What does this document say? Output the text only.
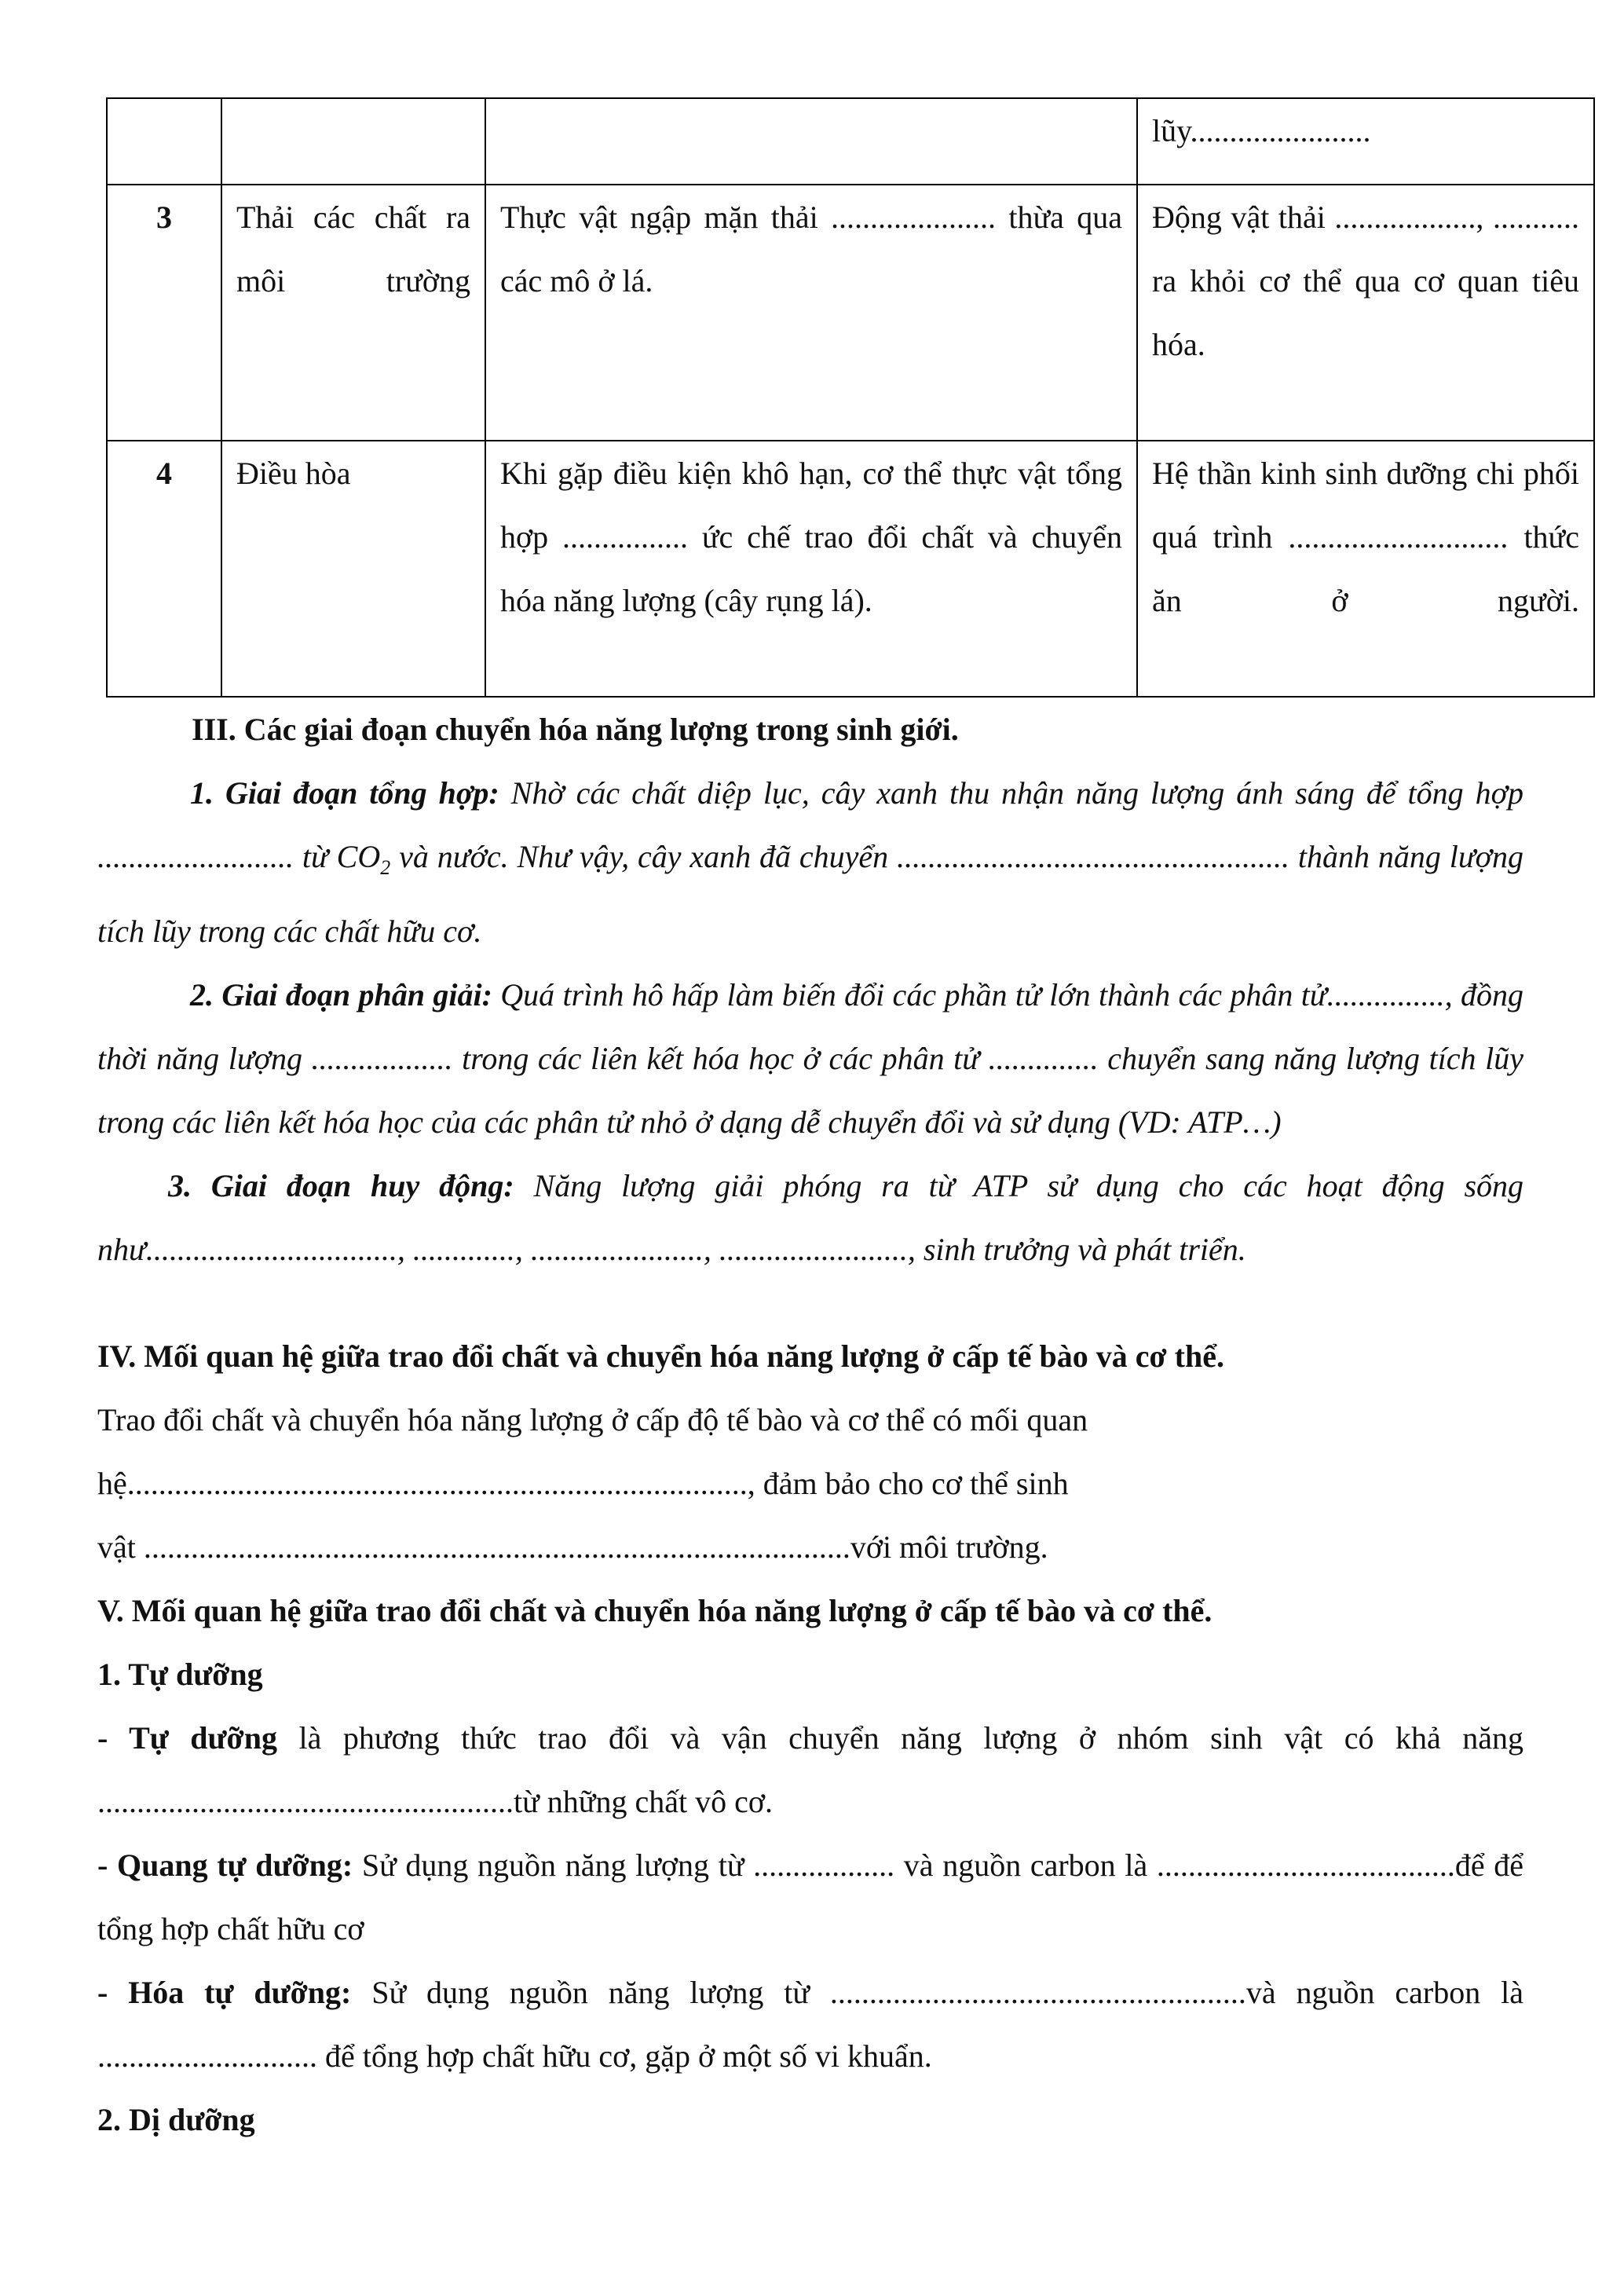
			lũy.......................
3	Thải các chất ra môi trường	Thực vật ngập mặn thải ..................... thừa qua các mô ở lá.	Động vật thải .................., ........... ra khỏi cơ thể qua cơ quan tiêu hóa.

4	Điều hòa	Khi gặp điều kiện khô hạn, cơ thể thực vật tổng hợp ................ ức chế trao đổi chất và chuyển hóa năng lượng (cây rụng lá).	Hệ thần kinh sinh dưỡng chi phối quá trình ............................ thức ăn ở người.

III. Các giai đoạn chuyển hóa năng lượng trong sinh giới.

1. Giai đoạn tổng hợp: Nhờ các chất diệp lục, cây xanh thu nhận năng lượng ánh sáng để tổng hợp ......................... từ $CO_2$ và nước. Như vậy, cây xanh đã chuyển .................................................. thành năng lượng tích lũy trong các chất hữu cơ.

2. Giai đoạn phân giải: Quá trình hô hấp làm biến đổi các phần tử lớn thành các phân tử..............., đồng thời năng lượng .................. trong các liên kết hóa học ở các phân tử .............. chuyển sang năng lượng tích lũy trong các liên kết hóa học của các phân tử nhỏ ở dạng dễ chuyển đổi và sử dụng (VD: ATP…)

3. Giai đoạn huy động: Năng lượng giải phóng ra từ ATP sử dụng cho các hoạt động sống như................................, ............., ......................, ........................, sinh trưởng và phát triển.

IV. Mối quan hệ giữa trao đổi chất và chuyển hóa năng lượng ở cấp tế bào và cơ thể.

Trao đổi chất và chuyển hóa năng lượng ở cấp độ tế bào và cơ thể có mối quan

hệ..............................................................................., đảm bảo cho cơ thể sinh

vật ..........................................................................................với môi trường.

V. Mối quan hệ giữa trao đổi chất và chuyển hóa năng lượng ở cấp tế bào và cơ thể.

1. Tự dưỡng

- Tự dưỡng là phương thức trao đổi và vận chuyển năng lượng ở nhóm sinh vật có khả năng .....................................................từ những chất vô cơ.

- Quang tự dưỡng: Sử dụng nguồn năng lượng từ .................. và nguồn carbon là ......................................để để tổng hợp chất hữu cơ

- Hóa tự dưỡng: Sử dụng nguồn năng lượng từ .....................................................và nguồn carbon là ............................ để tổng hợp chất hữu cơ, gặp ở một số vi khuẩn.

2. Dị dưỡng
